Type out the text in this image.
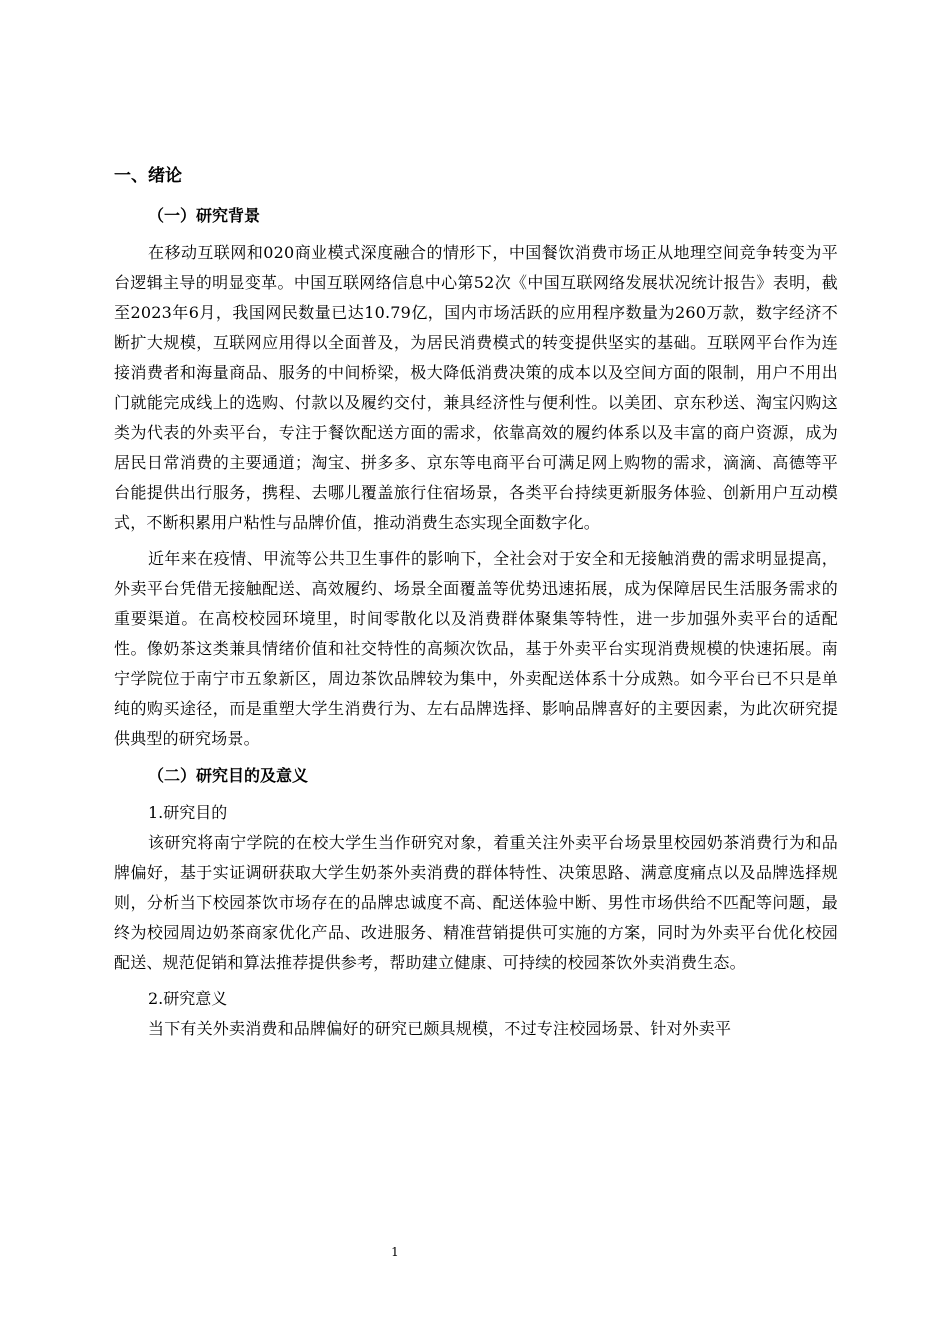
一、绪论
（一）研究背景

在移动互联网和020商业模式深度融合的情形下，中国餐饮消费市场正从地理空间竞争转变为平台逻辑主导的明显变革。中国互联网络信息中心第52次《中国互联网络发展状况统计报告》表明，截至2023年6月，我国网民数量已达10.79亿，国内市场活跃的应用程序数量为260万款，数字经济不断扩大规模，互联网应用得以全面普及，为居民消费模式的转变提供坚实的基础。互联网平台作为连接消费者和海量商品、服务的中间桥梁，极大降低消费决策的成本以及空间方面的限制，用户不用出门就能完成线上的选购、付款以及履约交付，兼具经济性与便利性。以美团、京东秒送、淘宝闪购这类为代表的外卖平台，专注于餐饮配送方面的需求，依靠高效的履约体系以及丰富的商户资源，成为居民日常消费的主要通道；淘宝、拼多多、京东等电商平台可满足网上购物的需求，滴滴、高德等平台能提供出行服务，携程、去哪儿覆盖旅行住宿场景，各类平台持续更新服务体验、创新用户互动模式，不断积累用户粘性与品牌价值，推动消费生态实现全面数字化。

近年来在疫情、甲流等公共卫生事件的影响下，全社会对于安全和无接触消费的需求明显提高，外卖平台凭借无接触配送、高效履约、场景全面覆盖等优势迅速拓展，成为保障居民生活服务需求的重要渠道。在高校校园环境里，时间零散化以及消费群体聚集等特性，进一步加强外卖平台的适配性。像奶茶这类兼具情绪价值和社交特性的高频次饮品，基于外卖平台实现消费规模的快速拓展。南宁学院位于南宁市五象新区，周边茶饮品牌较为集中，外卖配送体系十分成熟。如今平台已不只是单纯的购买途径，而是重塑大学生消费行为、左右品牌选择、影响品牌喜好的主要因素，为此次研究提供典型的研究场景。

（二）研究目的及意义
1.研究目的

该研究将南宁学院的在校大学生当作研究对象，着重关注外卖平台场景里校园奶茶消费行为和品牌偏好，基于实证调研获取大学生奶茶外卖消费的群体特性、决策思路、满意度痛点以及品牌选择规则，分析当下校园茶饮市场存在的品牌忠诚度不高、配送体验中断、男性市场供给不匹配等问题，最终为校园周边奶茶商家优化产品、改进服务、精准营销提供可实施的方案，同时为外卖平台优化校园配送、规范促销和算法推荐提供参考，帮助建立健康、可持续的校园茶饮外卖消费生态。

2.研究意义

当下有关外卖消费和品牌偏好的研究已颇具规模，不过专注校园场景、针对外卖平

1
